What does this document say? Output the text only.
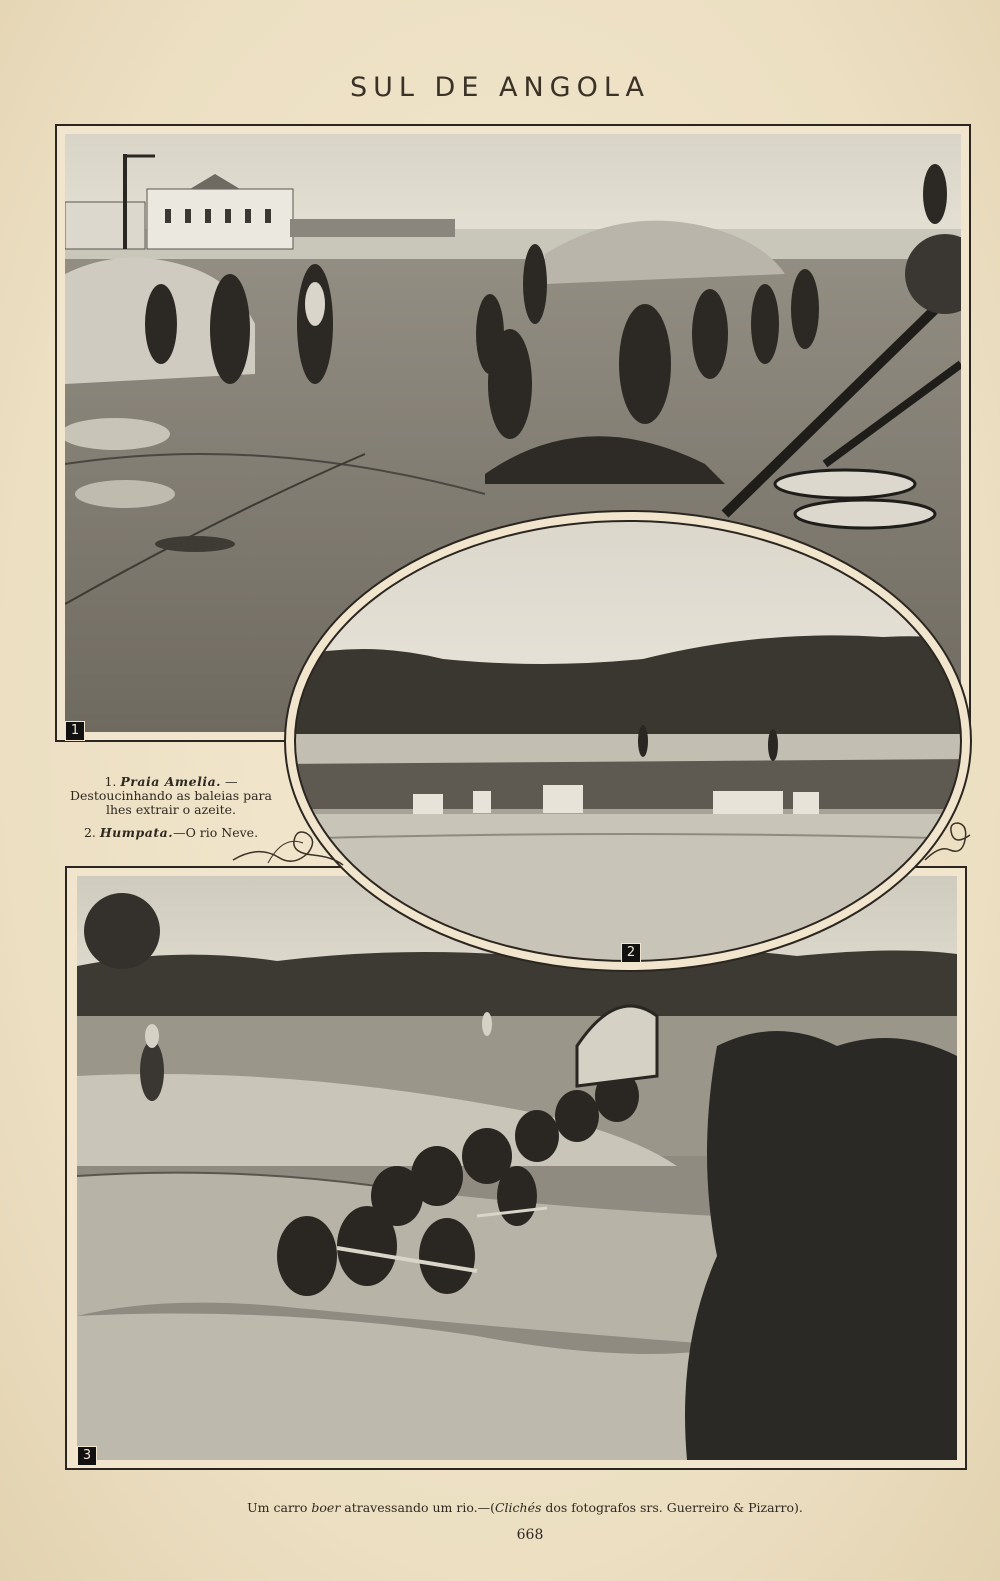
SUL DE ANGOLA
1
3
2

1. Praia Amelia. — Destoucinhando as baleias para lhes extrair o azeite.

2. Humpata.—O rio Neve.

Um carro boer atravessando um rio.—(Clichés dos fotografos srs. Guerreiro & Pizarro).
668
